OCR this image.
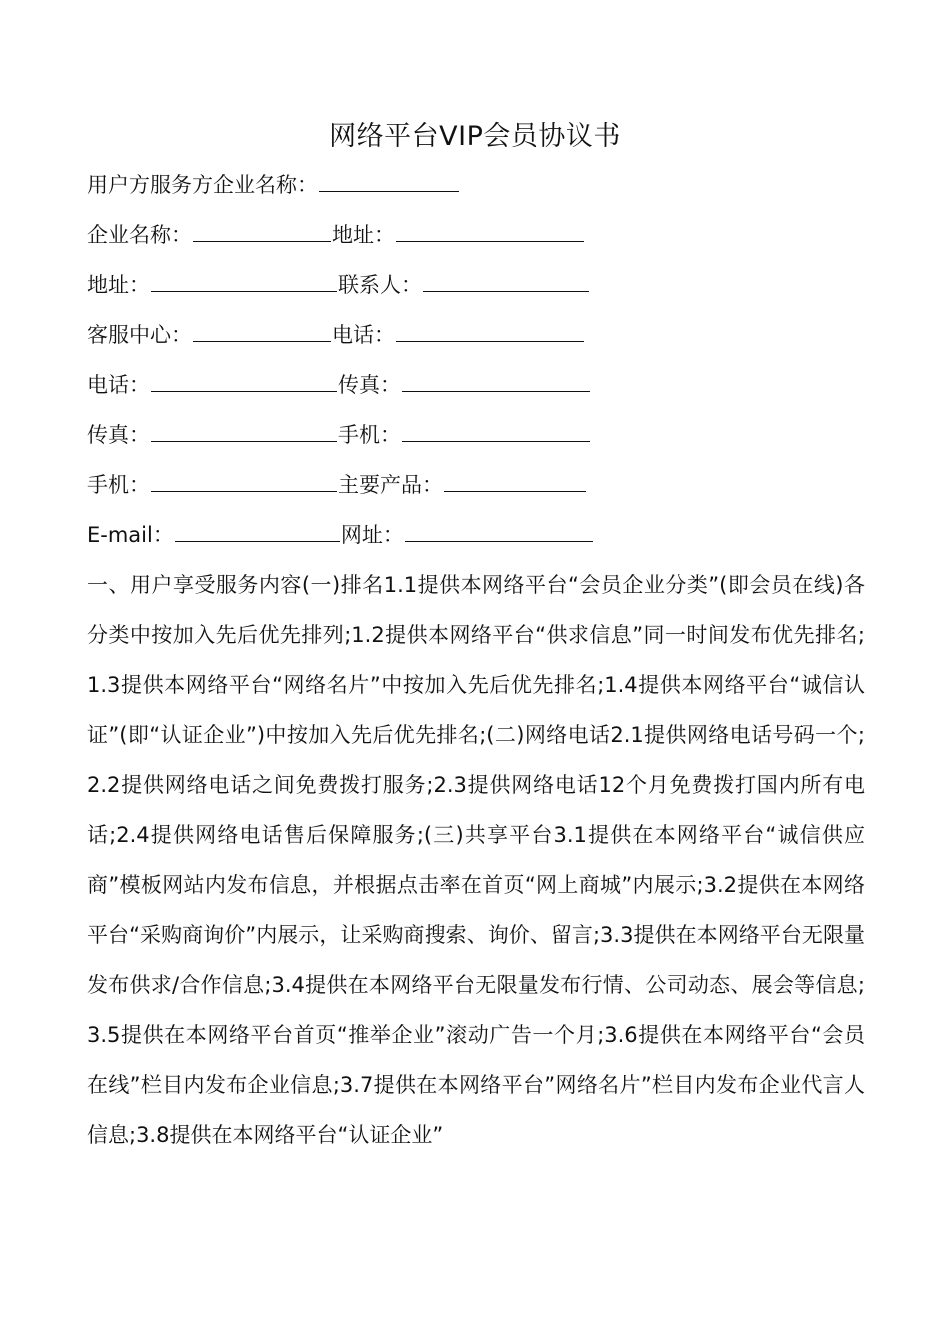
网络平台VIP会员协议书
用户方服务方企业名称：
企业名称：	地址：
地址：	联系人：
客服中心：	电话：
电话：	传真：
传真：	手机：
手机：	主要产品：
E-mail：	网址：

一、用户享受服务内容(一)排名1.1提供本网络平台“会员企业分类”(即会员在线)各分类中按加入先后优先排列;1.2提供本网络平台“供求信息”同一时间发布优先排名;1.3提供本网络平台“网络名片”中按加入先后优先排名;1.4提供本网络平台“诚信认证”(即“认证企业”)中按加入先后优先排名;(二)网络电话2.1提供网络电话号码一个;2.2提供网络电话之间免费拨打服务;2.3提供网络电话12个月免费拨打国内所有电话;2.4提供网络电话售后保障服务;(三)共享平台3.1提供在本网络平台“诚信供应商”模板网站内发布信息，并根据点击率在首页“网上商城”内展示;3.2提供在本网络平台“采购商询价”内展示，让采购商搜索、询价、留言;3.3提供在本网络平台无限量发布供求/合作信息;3.4提供在本网络平台无限量发布行情、公司动态、展会等信息;3.5提供在本网络平台首页“推举企业”滚动广告一个月;3.6提供在本网络平台“会员在线”栏目内发布企业信息;3.7提供在本网络平台”网络名片”栏目内发布企业代言人信息;3.8提供在本网络平台“认证企业”
